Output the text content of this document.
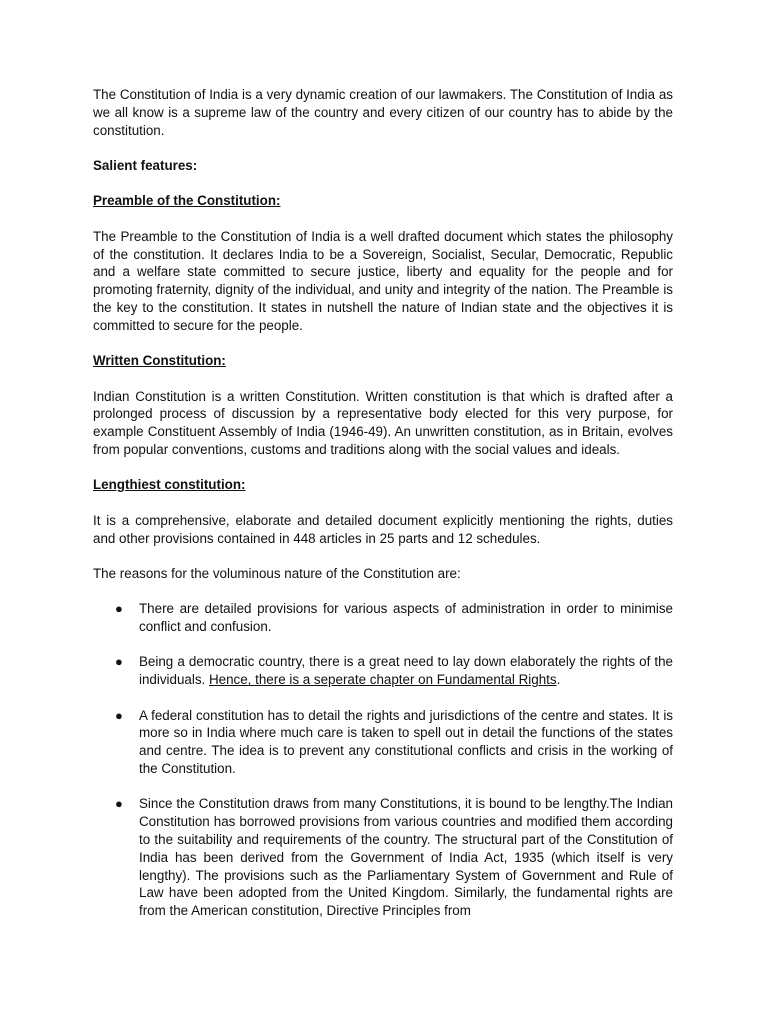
The Constitution of India is a very dynamic creation of our lawmakers. The Constitution of India as we all know is a supreme law of the country and every citizen of our country has to abide by the constitution.

Salient features:
Preamble of the Constitution:

The Preamble to the Constitution of India is a well drafted document which states the philosophy of the constitution. It declares India to be a Sovereign, Socialist, Secular, Democratic, Republic and a welfare state committed to secure justice, liberty and equality for the people and for promoting fraternity, dignity of the individual, and unity and integrity of the nation. The Preamble is the key to the constitution. It states in nutshell the nature of Indian state and the objectives it is committed to secure for the people.

Written Constitution:

Indian Constitution is a written Constitution. Written constitution is that which is drafted after a prolonged process of discussion by a representative body elected for this very purpose, for example Constituent Assembly of India (1946-49). An unwritten constitution, as in Britain, evolves from popular conventions, customs and traditions along with the social values and ideals.

Lengthiest constitution:

It is a comprehensive, elaborate and detailed document explicitly mentioning the rights, duties and other provisions contained in 448 articles in 25 parts and 12 schedules.

The reasons for the voluminous nature of the Constitution are:

● There are detailed provisions for various aspects of administration in order to minimise conflict and confusion.
● Being a democratic country, there is a great need to lay down elaborately the rights of the individuals. Hence, there is a seperate chapter on Fundamental Rights.
● A federal constitution has to detail the rights and jurisdictions of the centre and states. It is more so in India where much care is taken to spell out in detail the functions of the states and centre. The idea is to prevent any constitutional conflicts and crisis in the working of the Constitution.
● Since the Constitution draws from many Constitutions, it is bound to be lengthy.The Indian Constitution has borrowed provisions from various countries and modified them according to the suitability and requirements of the country. The structural part of the Constitution of India has been derived from the Government of India Act, 1935 (which itself is very lengthy). The provisions such as the Parliamentary System of Government and Rule of Law have been adopted from the United Kingdom. Similarly, the fundamental rights are from the American constitution, Directive Principles from
